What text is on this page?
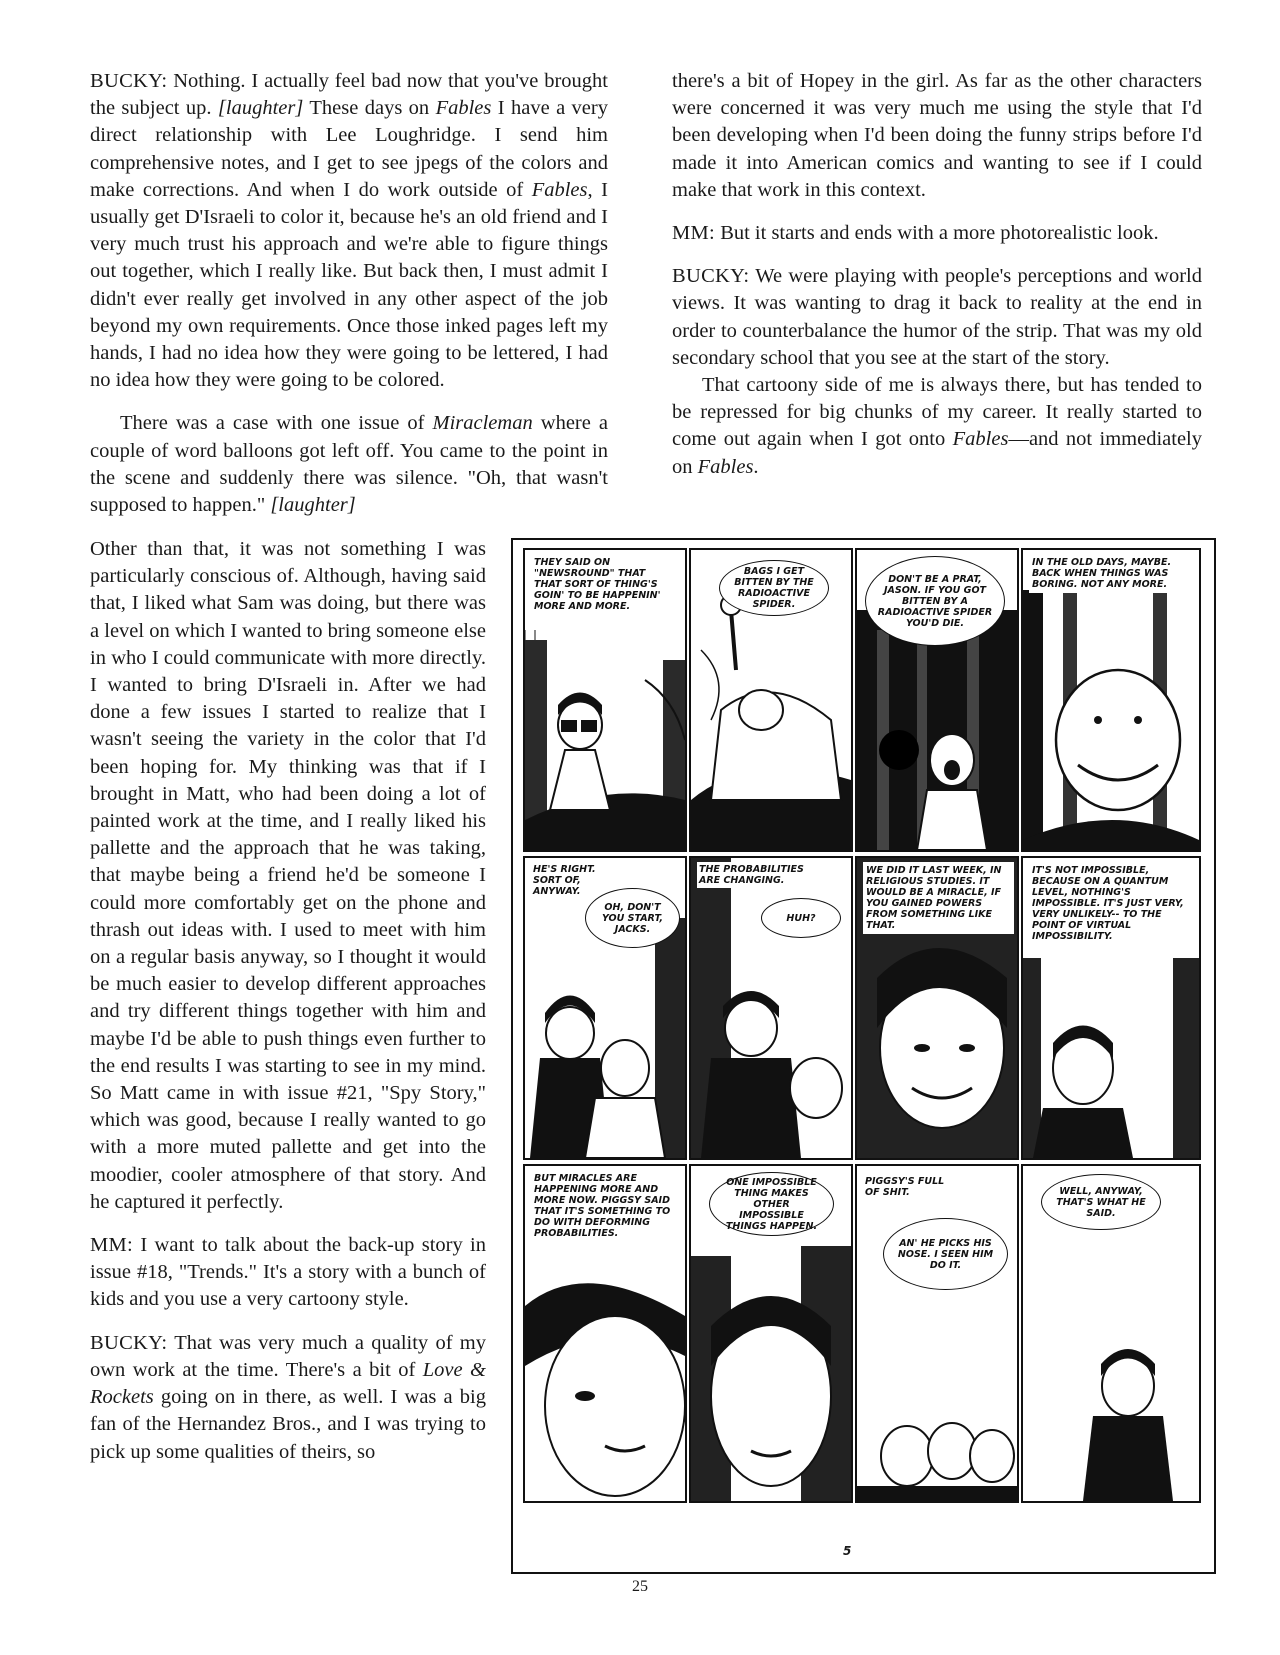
BUCKY: Nothing. I actually feel bad now that you've brought the subject up. [laughter] These days on Fables I have a very direct relationship with Lee Loughridge. I send him comprehensive notes, and I get to see jpegs of the colors and make corrections. And when I do work outside of Fables, I usually get D'Israeli to color it, because he's an old friend and I very much trust his approach and we're able to figure things out together, which I really like. But back then, I must admit I didn't ever really get involved in any other aspect of the job beyond my own requirements. Once those inked pages left my hands, I had no idea how they were going to be lettered, I had no idea how they were going to be colored.

There was a case with one issue of Miracleman where a couple of word balloons got left off. You came to the point in the scene and suddenly there was silence. "Oh, that wasn't supposed to happen." [laughter]

Other than that, it was not something I was particularly conscious of. Although, having said that, I liked what Sam was doing, but there was a level on which I wanted to bring someone else in who I could communicate with more directly. I wanted to bring D'Israeli in. After we had done a few issues I started to realize that I wasn't seeing the variety in the color that I'd been hoping for. My thinking was that if I brought in Matt, who had been doing a lot of painted work at the time, and I really liked his pallette and the approach that he was taking, that maybe being a friend he'd be someone I could more comfortably get on the phone and thrash out ideas with. I used to meet with him on a regular basis anyway, so I thought it would be much easier to develop different approaches and try different things together with him and maybe I'd be able to push things even further to the end results I was starting to see in my mind. So Matt came in with issue #21, "Spy Story," which was good, because I really wanted to go with a more muted pallette and get into the moodier, cooler atmosphere of that story. And he captured it perfectly.

MM: I want to talk about the back-up story in issue #18, "Trends." It's a story with a bunch of kids and you use a very cartoony style.

BUCKY: That was very much a quality of my own work at the time. There's a bit of Love & Rockets going on in there, as well. I was a big fan of the Hernandez Bros., and I was trying to pick up some qualities of theirs, so

there's a bit of Hopey in the girl. As far as the other characters were concerned it was very much me using the style that I'd been developing when I'd been doing the funny strips before I'd made it into American comics and wanting to see if I could make that work in this context.

MM: But it starts and ends with a more photorealistic look.

BUCKY: We were playing with people's perceptions and world views. It was wanting to drag it back to reality at the end in order to counterbalance the humor of the strip. That was my old secondary school that you see at the start of the story.

That cartoony side of me is always there, but has tended to be repressed for big chunks of my career. It really started to come out again when I got onto Fables—and not immediately on Fables.

THEY SAID ON "NEWSROUND" THAT THAT SORT OF THING'S GOIN' TO BE HAPPENIN' MORE AND MORE.
BAGS I GET BITTEN BY THE RADIOACTIVE SPIDER.
DON'T BE A PRAT, JASON. IF YOU GOT BITTEN BY A RADIOACTIVE SPIDER YOU'D DIE.
IN THE OLD DAYS, MAYBE. BACK WHEN THINGS WAS BORING. NOT ANY MORE.
HE'S RIGHT. SORT OF, ANYWAY.
OH, DON'T YOU START, JACKS.
THE PROBABILITIES ARE CHANGING.
HUH?
WE DID IT LAST WEEK, IN RELIGIOUS STUDIES. IT WOULD BE A MIRACLE, IF YOU GAINED POWERS FROM SOMETHING LIKE THAT.
IT'S NOT IMPOSSIBLE, BECAUSE ON A QUANTUM LEVEL, NOTHING'S IMPOSSIBLE. IT'S JUST VERY, VERY UNLIKELY-- TO THE POINT OF VIRTUAL IMPOSSIBILITY.
BUT MIRACLES ARE HAPPENING MORE AND MORE NOW. PIGGSY SAID THAT IT'S SOMETHING TO DO WITH DEFORMING PROBABILITIES.
ONE IMPOSSIBLE THING MAKES OTHER IMPOSSIBLE THINGS HAPPEN.
PIGGSY'S FULL OF SHIT.
AN' HE PICKS HIS NOSE. I SEEN HIM DO IT.
WELL, ANYWAY, THAT'S WHAT HE SAID.
5
25
